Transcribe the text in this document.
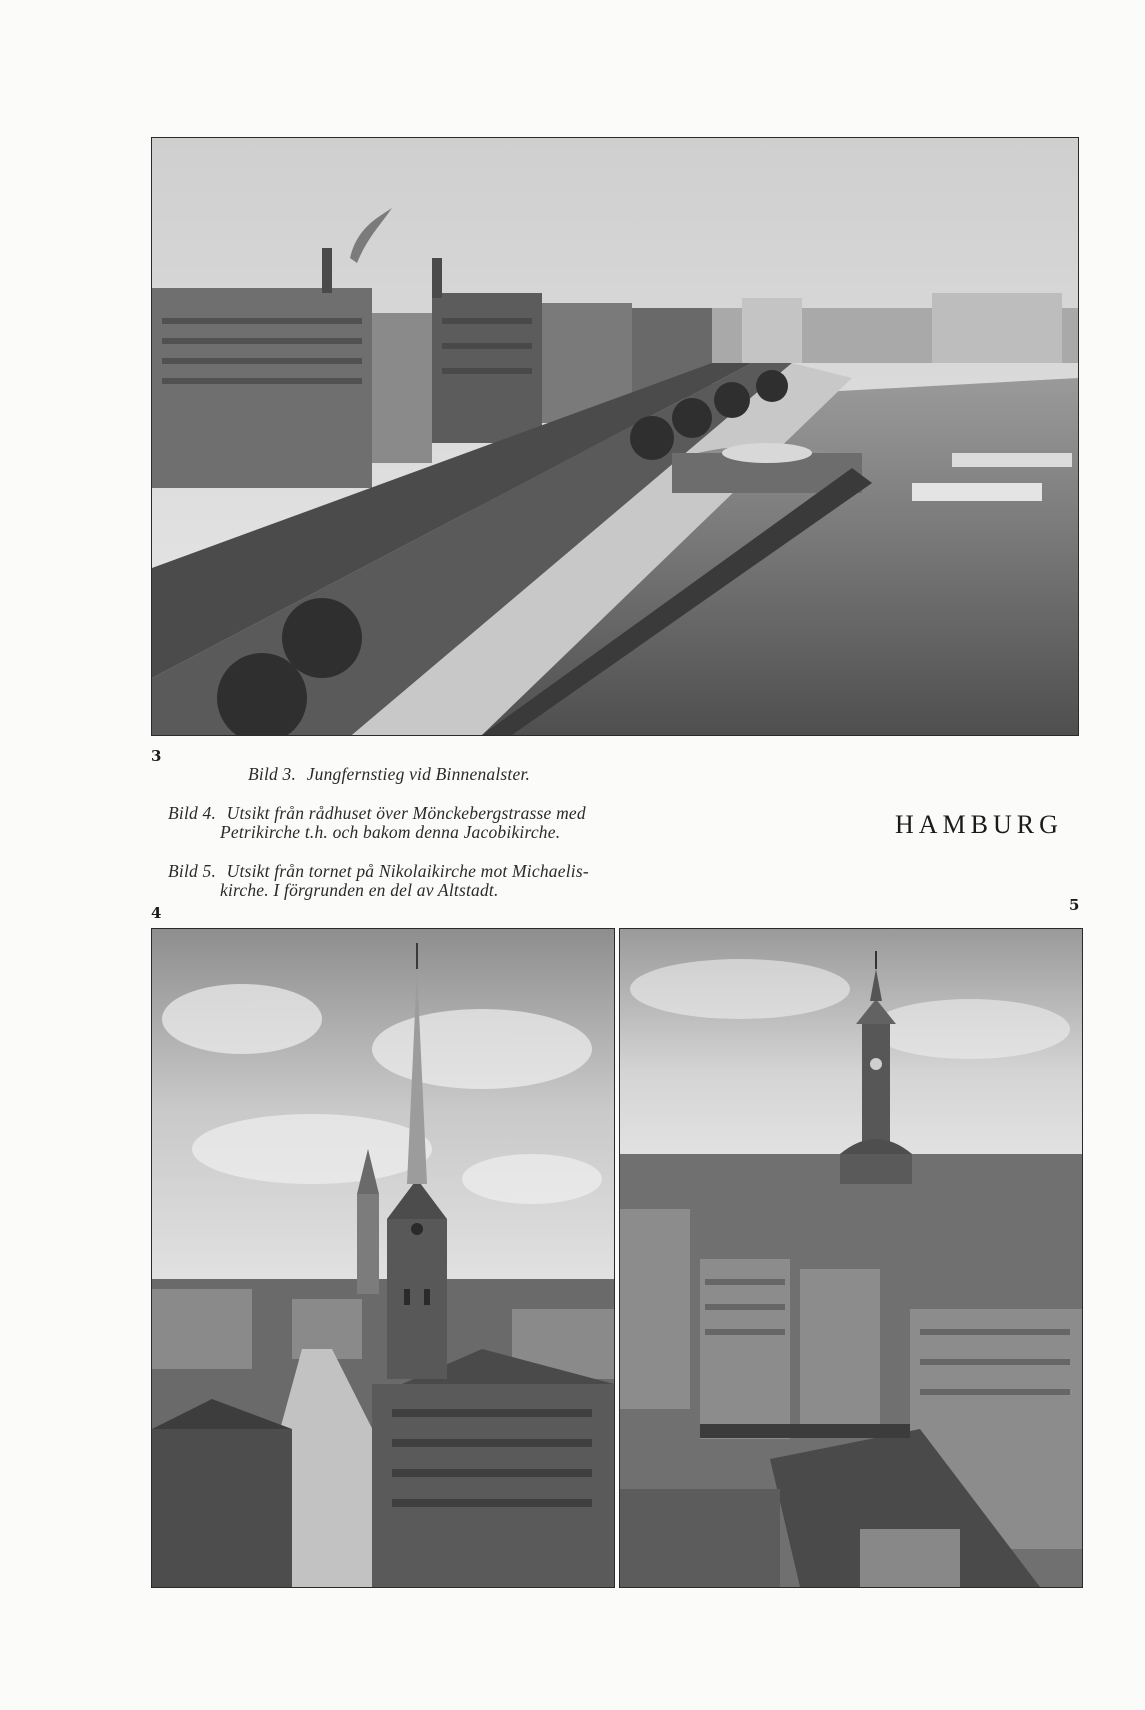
3
Bild 3. Jungfernstieg vid Binnenalster.
Bild 4. Utsikt från rådhuset över Mönckebergstrasse med
Petrikirche t.h. och bakom denna Jacobikirche.
Bild 5. Utsikt från tornet på Nikolaikirche mot Michaelis-
kirche. I förgrunden en del av Altstadt.
HAMBURG
4	5
